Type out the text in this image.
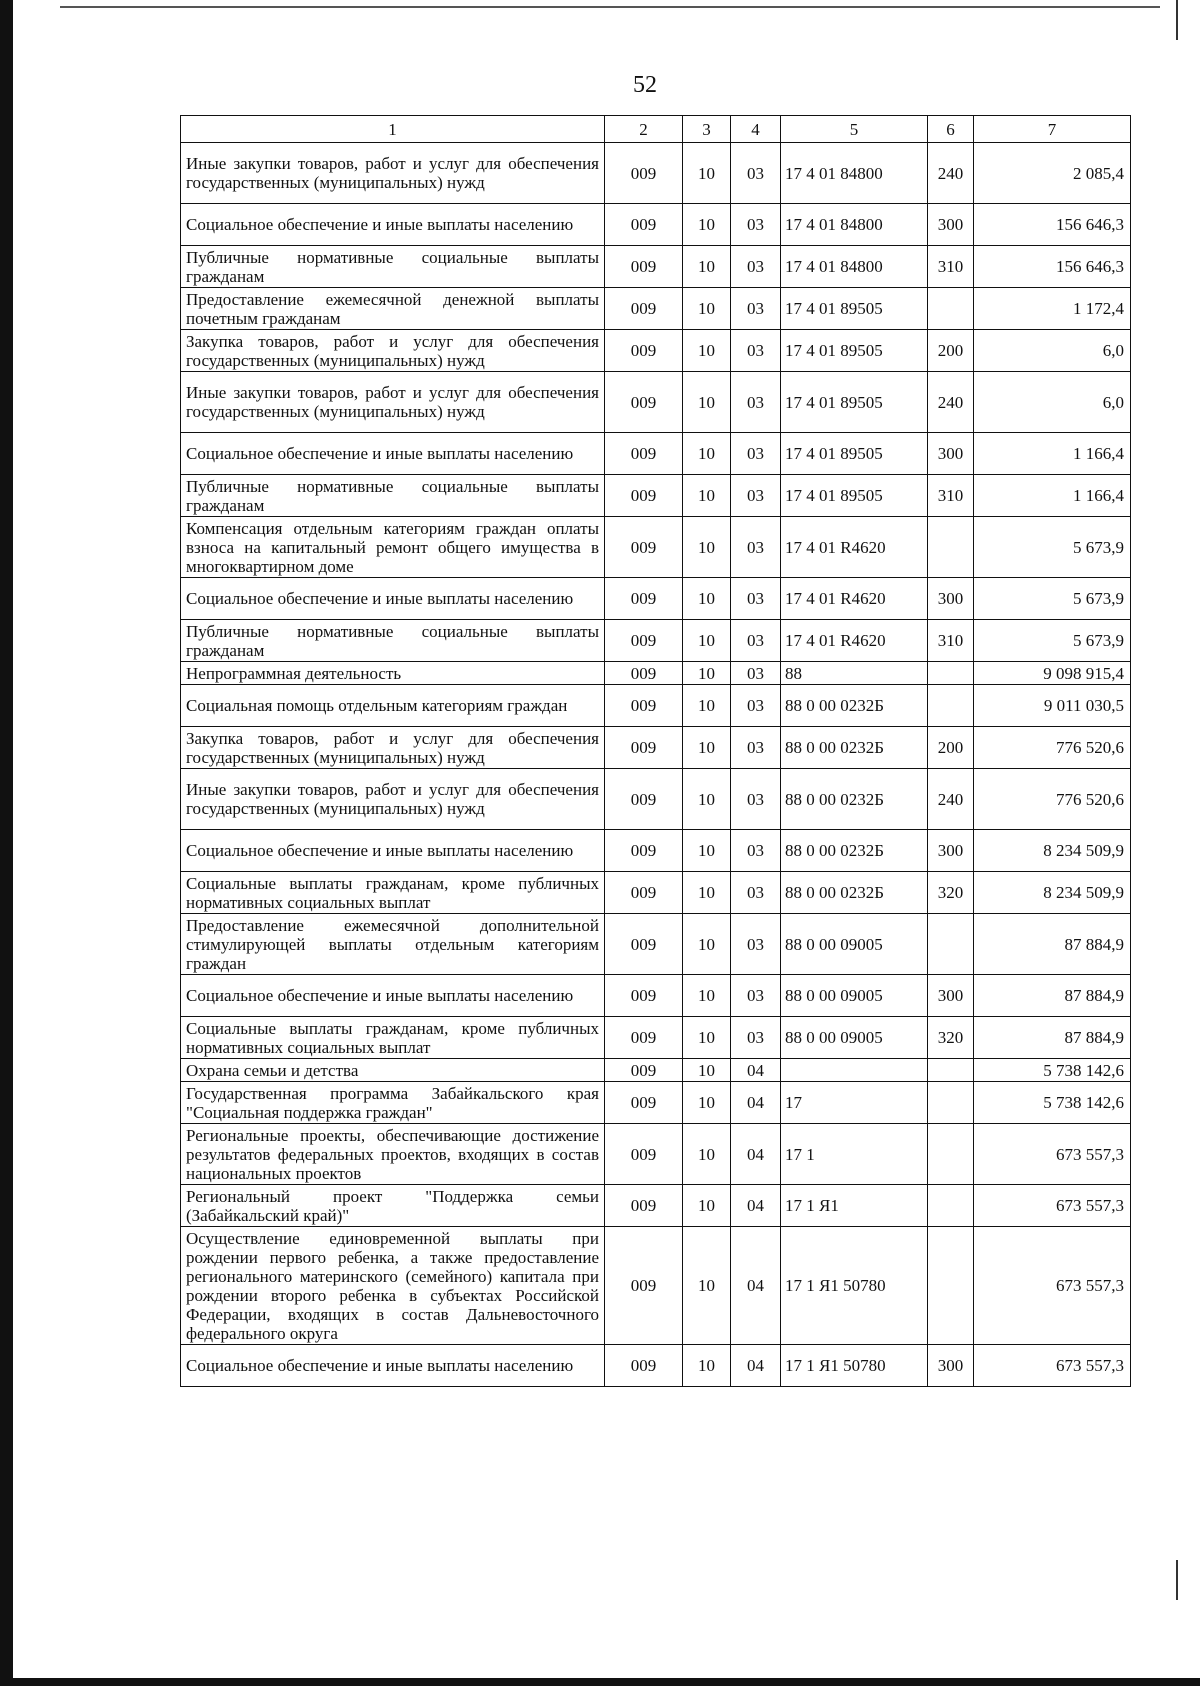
52
1	2	3	4	5	6	7
Иные закупки товаров, работ и услуг для обеспечения государственных (муниципальных) нужд	009	10	03	17 4 01 84800	240	2 085,4
Социальное обеспечение и иные выплаты населению	009	10	03	17 4 01 84800	300	156 646,3
Публичные нормативные социальные выплаты гражданам	009	10	03	17 4 01 84800	310	156 646,3
Предоставление ежемесячной денежной выплаты почетным гражданам	009	10	03	17 4 01 89505		1 172,4
Закупка товаров, работ и услуг для обеспечения государственных (муниципальных) нужд	009	10	03	17 4 01 89505	200	6,0
Иные закупки товаров, работ и услуг для обеспечения государственных (муниципальных) нужд	009	10	03	17 4 01 89505	240	6,0
Социальное обеспечение и иные выплаты населению	009	10	03	17 4 01 89505	300	1 166,4
Публичные нормативные социальные выплаты гражданам	009	10	03	17 4 01 89505	310	1 166,4
Компенсация отдельным категориям граждан оплаты взноса на капитальный ремонт общего имущества в многоквартирном доме	009	10	03	17 4 01 R4620		5 673,9
Социальное обеспечение и иные выплаты населению	009	10	03	17 4 01 R4620	300	5 673,9
Публичные нормативные социальные выплаты гражданам	009	10	03	17 4 01 R4620	310	5 673,9
Непрограммная деятельность	009	10	03	88		9 098 915,4
Социальная помощь отдельным категориям граждан	009	10	03	88 0 00 0232Б		9 011 030,5
Закупка товаров, работ и услуг для обеспечения государственных (муниципальных) нужд	009	10	03	88 0 00 0232Б	200	776 520,6
Иные закупки товаров, работ и услуг для обеспечения государственных (муниципальных) нужд	009	10	03	88 0 00 0232Б	240	776 520,6
Социальное обеспечение и иные выплаты населению	009	10	03	88 0 00 0232Б	300	8 234 509,9
Социальные выплаты гражданам, кроме публичных нормативных социальных выплат	009	10	03	88 0 00 0232Б	320	8 234 509,9
Предоставление ежемесячной дополнительной стимулирующей выплаты отдельным категориям граждан	009	10	03	88 0 00 09005		87 884,9
Социальное обеспечение и иные выплаты населению	009	10	03	88 0 00 09005	300	87 884,9
Социальные выплаты гражданам, кроме публичных нормативных социальных выплат	009	10	03	88 0 00 09005	320	87 884,9
Охрана семьи и детства	009	10	04			5 738 142,6
Государственная программа Забайкальского края "Социальная поддержка граждан"	009	10	04	17		5 738 142,6
Региональные проекты, обеспечивающие достижение результатов федеральных проектов, входящих в состав национальных проектов	009	10	04	17 1		673 557,3
Региональный проект "Поддержка семьи (Забайкальский край)"	009	10	04	17 1 Я1		673 557,3
Осуществление единовременной выплаты при рождении первого ребенка, а также предоставление регионального материнского (семейного) капитала при рождении второго ребенка в субъектах Российской Федерации, входящих в состав Дальневосточного федерального округа	009	10	04	17 1 Я1 50780		673 557,3
Социальное обеспечение и иные выплаты населению	009	10	04	17 1 Я1 50780	300	673 557,3
